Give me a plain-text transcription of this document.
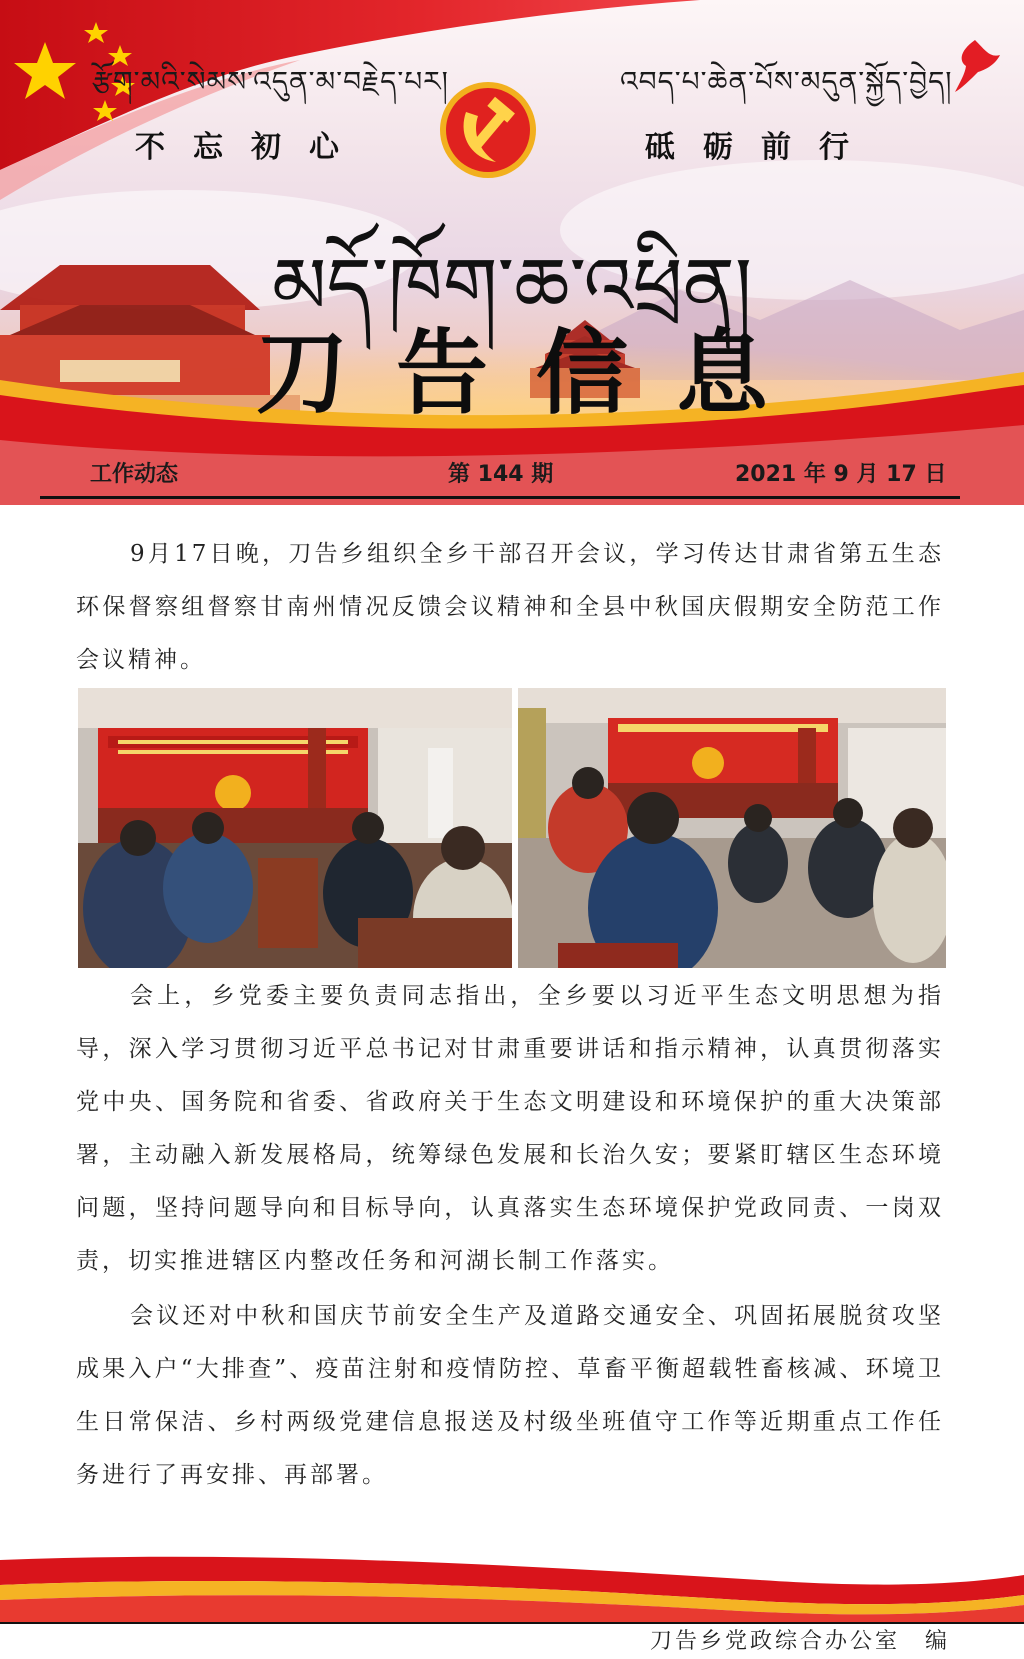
རྩོག་མའི་སེམས་འདུན་མ་བརྗེད་པར།	འབད་པ་ཆེན་པོས་མདུན་སྐྱོད་བྱེད།
不忘初心	砥砺前行
མདོ་ཁོག་ཆ་འཕྲིན།
刀告信息
工作动态	第 144 期	2021 年 9 月 17 日

9月17日晚，刀告乡组织全乡干部召开会议，学习传达甘肃省第五生态环保督察组督察甘南州情况反馈会议精神和全县中秋国庆假期安全防范工作会议精神。

会上，乡党委主要负责同志指出，全乡要以习近平生态文明思想为指导，深入学习贯彻习近平总书记对甘肃重要讲话和指示精神，认真贯彻落实党中央、国务院和省委、省政府关于生态文明建设和环境保护的重大决策部署，主动融入新发展格局，统筹绿色发展和长治久安；要紧盯辖区生态环境问题，坚持问题导向和目标导向，认真落实生态环境保护党政同责、一岗双责，切实推进辖区内整改任务和河湖长制工作落实。

会议还对中秋和国庆节前安全生产及道路交通安全、巩固拓展脱贫攻坚成果入户“大排查”、疫苗注射和疫情防控、草畜平衡超载牲畜核减、环境卫生日常保洁、乡村两级党建信息报送及村级坐班值守工作等近期重点工作任务进行了再安排、再部署。

刀告乡党政综合办公室　编
